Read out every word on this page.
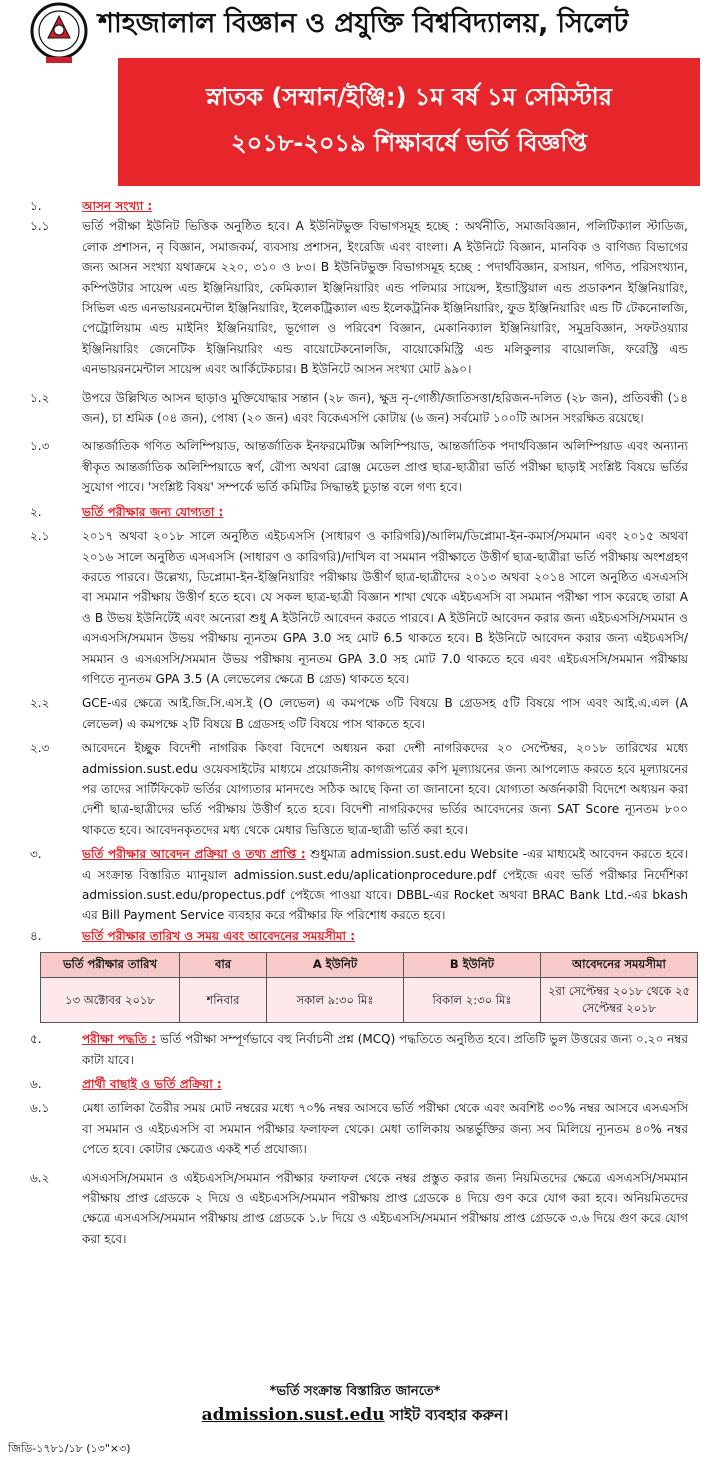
শাহজালাল বিজ্ঞান ও প্রযুক্তি বিশ্ববিদ্যালয়, সিলেট
স্নাতক (সম্মান/ইঞ্জি:) ১ম বর্ষ ১ম সেমিস্টার
২০১৮-২০১৯ শিক্ষাবর্ষে ভর্তি বিজ্ঞপ্তি
১.	আসন সংখ্যা :
১.১	ভর্তি পরীক্ষা ইউনিট ভিত্তিক অনুষ্ঠিত হবে। A ইউনিটভুক্ত বিভাগসমূহ হচ্ছে : অর্থনীতি, সমাজবিজ্ঞান, পলিটিক্যাল স্টাডিজ, লোক প্রশাসন, নৃ বিজ্ঞান, সমাজকর্ম, ব্যবসায় প্রশাসন, ইংরেজি এবং বাংলা। A ইউনিটে বিজ্ঞান, মানবিক ও বাণিজ্য বিভাগের জন্য আসন সংখ্যা যথাক্রমে ২২০, ৩১০ ও ৮৩। B ইউনিটভুক্ত বিভাগসমূহ হচ্ছে : পদার্থবিজ্ঞান, রসায়ন, গণিত, পরিসংখ্যান, কম্পিউটার সায়েন্স এন্ড ইঞ্জিনিয়ারিং, কেমিক্যাল ইঞ্জিনিয়ারিং এন্ড পলিমার সায়েন্স, ইন্ডাস্ট্রিয়াল এন্ড প্রডাকশন ইঞ্জিনিয়ারিং, সিভিল এন্ড এনভায়রনমেন্টাল ইঞ্জিনিয়ারিং, ইলেকট্রিক্যাল এন্ড ইলেকট্রনিক ইঞ্জিনিয়ারিং, ফুড ইঞ্জিনিয়ারিং এন্ড টি টেকনোলজি, পেট্রোলিয়াম এন্ড মাইনিং ইঞ্জিনিয়ারিং, ভূগোল ও পরিবেশ বিজ্ঞান, মেকানিক্যাল ইঞ্জিনিয়ারিং, সমুদ্রবিজ্ঞান, সফটওয়্যার ইঞ্জিনিয়ারিং জেনেটিক ইঞ্জিনিয়ারিং এন্ড বায়োটেকনোলজি, বায়োকেমিস্ট্রি এন্ড মলিকুলার বায়োলজি, ফরেস্ট্রি এন্ড এনভায়রনমেন্টাল সায়েন্স এবং আর্কিটেকচার। B ইউনিটে আসন সংখ্যা মোট ৯৯০।
১.২	উপরে উল্লিখিত আসন ছাড়াও মুক্তিযোদ্ধার সন্তান (২৮ জন), ক্ষুদ্র নৃ-গোষ্ঠী/জাতিসত্তা/হরিজন-দলিত (২৮ জন), প্রতিবন্ধী (১৪ জন), চা শ্রমিক (০৪ জন), পোষ্য (২০ জন) এবং বিকেএসপি কোটায় (৬ জন) সর্বমোট ১০০টি আসন সংরক্ষিত রয়েছে।
১.৩	আন্তর্জাতিক গণিত অলিম্পিয়াড, আন্তর্জাতিক ইনফরমেটিক্স অলিম্পিয়াড, আন্তর্জাতিক পদার্থবিজ্ঞান অলিম্পিয়াড এবং অন্যান্য স্বীকৃত আন্তর্জাতিক অলিম্পিয়াডে স্বর্ণ, রৌপ্য অথবা ব্রোঞ্জ মেডেল প্রাপ্ত ছাত্র-ছাত্রীরা ভর্তি পরীক্ষা ছাড়াই সংশ্লিষ্ট বিষয়ে ভর্তির সুযোগ পাবে। 'সংশ্লিষ্ট বিষয়' সম্পর্কে ভর্তি কমিটির সিদ্ধান্তই চূড়ান্ত বলে গণ্য হবে।
২.	ভর্তি পরীক্ষার জন্য যোগ্যতা :
২.১	২০১৭ অথবা ২০১৮ সালে অনুষ্ঠিত এইচএসসি (সাধারণ ও কারিগরি)/আলিম/ডিপ্লোমা-ইন-কমার্স/সমমান এবং ২০১৫ অথবা ২০১৬ সালে অনুষ্ঠিত এসএসসি (সাধারণ ও কারিগরি)/দাখিল বা সমমান পরীক্ষাতে উত্তীর্ণ ছাত্র-ছাত্রীরা ভর্তি পরীক্ষায় অংশগ্রহণ করতে পারবে। উল্লেখ্য, ডিপ্লোমা-ইন-ইঞ্জিনিয়ারিং পরীক্ষায় উত্তীর্ণ ছাত্র-ছাত্রীদের ২০১৩ অথবা ২০১৪ সালে অনুষ্ঠিত এসএসসি বা সমমান পরীক্ষায় উত্তীর্ণ হতে হবে। যে সকল ছাত্র-ছাত্রী বিজ্ঞান শাখা থেকে এইচএসসি বা সমমান পরীক্ষা পাস করেছে তারা A ও B উভয় ইউনিটেই এবং অন্যেরা শুধু A ইউনিটে আবেদন করতে পারবে। A ইউনিটে আবেদন করার জন্য এইচএসসি/সমমান ও এসএসসি/সমমান উভয় পরীক্ষায় ন্যূনতম GPA 3.0 সহ মোট 6.5 থাকতে হবে। B ইউনিটে আবেদন করার জন্য এইচএসসি/সমমান ও এসএসসি/সমমান উভয় পরীক্ষায় ন্যূনতম GPA 3.0 সহ মোট 7.0 থাকতে হবে এবং এইচএসসি/সমমান পরীক্ষায় গণিতে ন্যূনতম GPA 3.5 (A লেভেলের ক্ষেত্রে B গ্রেড) থাকতে হবে।
২.২	GCE-এর ক্ষেত্রে আই.জি.সি.এস.ই (O লেভেল) এ কমপক্ষে ৩টি বিষয়ে B গ্রেডসহ ৫টি বিষয়ে পাস এবং আই.এ.এল (A লেভেল) এ কমপক্ষে ২টি বিষয়ে B গ্রেডসহ ৩টি বিষয়ে পাস থাকতে হবে।
২.৩	আবেদনে ইচ্ছুক বিদেশী নাগরিক কিংবা বিদেশে অধ্যয়ন করা দেশী নাগরিকদের ২০ সেপ্টেম্বর, ২০১৮ তারিখের মধ্যে admission.sust.edu ওয়েবসাইটের মাধ্যমে প্রয়োজনীয় কাগজপত্রের কপি মূল্যায়নের জন্য আপলোড করতে হবে মূল্যায়নের পর তাদের সার্টিফিকেট ভর্তির যোগ্যতার মানদণ্ডে সঠিক আছে কিনা তা জানানো হবে। যোগ্যতা অর্জনকারী বিদেশে অধ্যয়ন করা দেশী ছাত্র-ছাত্রীদের ভর্তি পরীক্ষায় উত্তীর্ণ হতে হবে। বিদেশী নাগরিকদের ভর্তির আবেদনের জন্য SAT Score ন্যূনতম ৮০০ থাকতে হবে। আবেদনকৃতদের মধ্য থেকে মেধার ভিত্তিতে ছাত্র-ছাত্রী ভর্তি করা হবে।
৩.	ভর্তি পরীক্ষার আবেদন প্রক্রিয়া ও তথ্য প্রাপ্তি : শুধুমাত্র admission.sust.edu Website -এর মাধ্যমেই আবেদন করতে হবে। এ সংক্রান্ত বিস্তারিত ম্যানুয়াল admission.sust.edu/aplicationprocedure.pdf পেইজে এবং ভর্তি পরীক্ষার নির্দেশিকা admission.sust.edu/propectus.pdf পেইজে পাওয়া যাবে। DBBL-এর Rocket অথবা BRAC Bank Ltd.-এর bkash এর Bill Payment Service ব্যবহার করে পরীক্ষার ফি পরিশোধ করতে হবে।
৪.	ভর্তি পরীক্ষার তারিখ ও সময় এবং আবেদনের সময়সীমা :
ভর্তি পরীক্ষার তারিখ	বার	A ইউনিট	B ইউনিট	আবেদনের সময়সীমা
১৩ অক্টোবর ২০১৮	শনিবার	সকাল ৯:৩০ মিঃ	বিকাল ২:৩০ মিঃ	২রা সেপ্টেম্বর ২০১৮ থেকে ২৫ সেপ্টেম্বর ২০১৮
৫.	পরীক্ষা পদ্ধতি : ভর্তি পরীক্ষা সম্পূর্ণভাবে বহু নির্বাচনী প্রশ্ন (MCQ) পদ্ধতিতে অনুষ্ঠিত হবে। প্রতিটি ভুল উত্তরের জন্য ০.২০ নম্বর কাটা যাবে।
৬.	প্রার্থী বাছাই ও ভর্তি প্রক্রিয়া :
৬.১	মেধা তালিকা তৈরীর সময় মোট নম্বরের মধ্যে ৭০% নম্বর আসবে ভর্তি পরীক্ষা থেকে এবং অবশিষ্ট ৩০% নম্বর আসবে এসএসসি বা সমমান ও এইচএসসি বা সমমান পরীক্ষার ফলাফল থেকে। মেধা তালিকায় অন্তর্ভুক্তির জন্য সব মিলিয়ে ন্যূনতম ৪০% নম্বর পেতে হবে। কোটার ক্ষেত্রেও একই শর্ত প্রযোজ্য।
৬.২	এসএসসি/সমমান ও এইচএসসি/সমমান পরীক্ষার ফলাফল থেকে নম্বর প্রস্তুত করার জন্য নিয়মিতদের ক্ষেত্রে এসএসসি/সমমান পরীক্ষায় প্রাপ্ত গ্রেডকে ২ দিয়ে ও এইচএসসি/সমমান পরীক্ষায় প্রাপ্ত গ্রেডকে ৪ দিয়ে গুণ করে যোগ করা হবে। অনিয়মিতদের ক্ষেত্রে এসএসসি/সমমান পরীক্ষায় প্রাপ্ত গ্রেডকে ১.৮ দিয়ে ও এইচএসসি/সমমান পরীক্ষায় প্রাপ্ত গ্রেডকে ৩.৬ দিয়ে গুণ করে যোগ করা হবে।
*ভর্তি সংক্রান্ত বিস্তারিত জানতে*
admission.sust.edu সাইট ব্যবহার করুন।
জিডি-১৭৮১/১৮ (১৩"×৩)
